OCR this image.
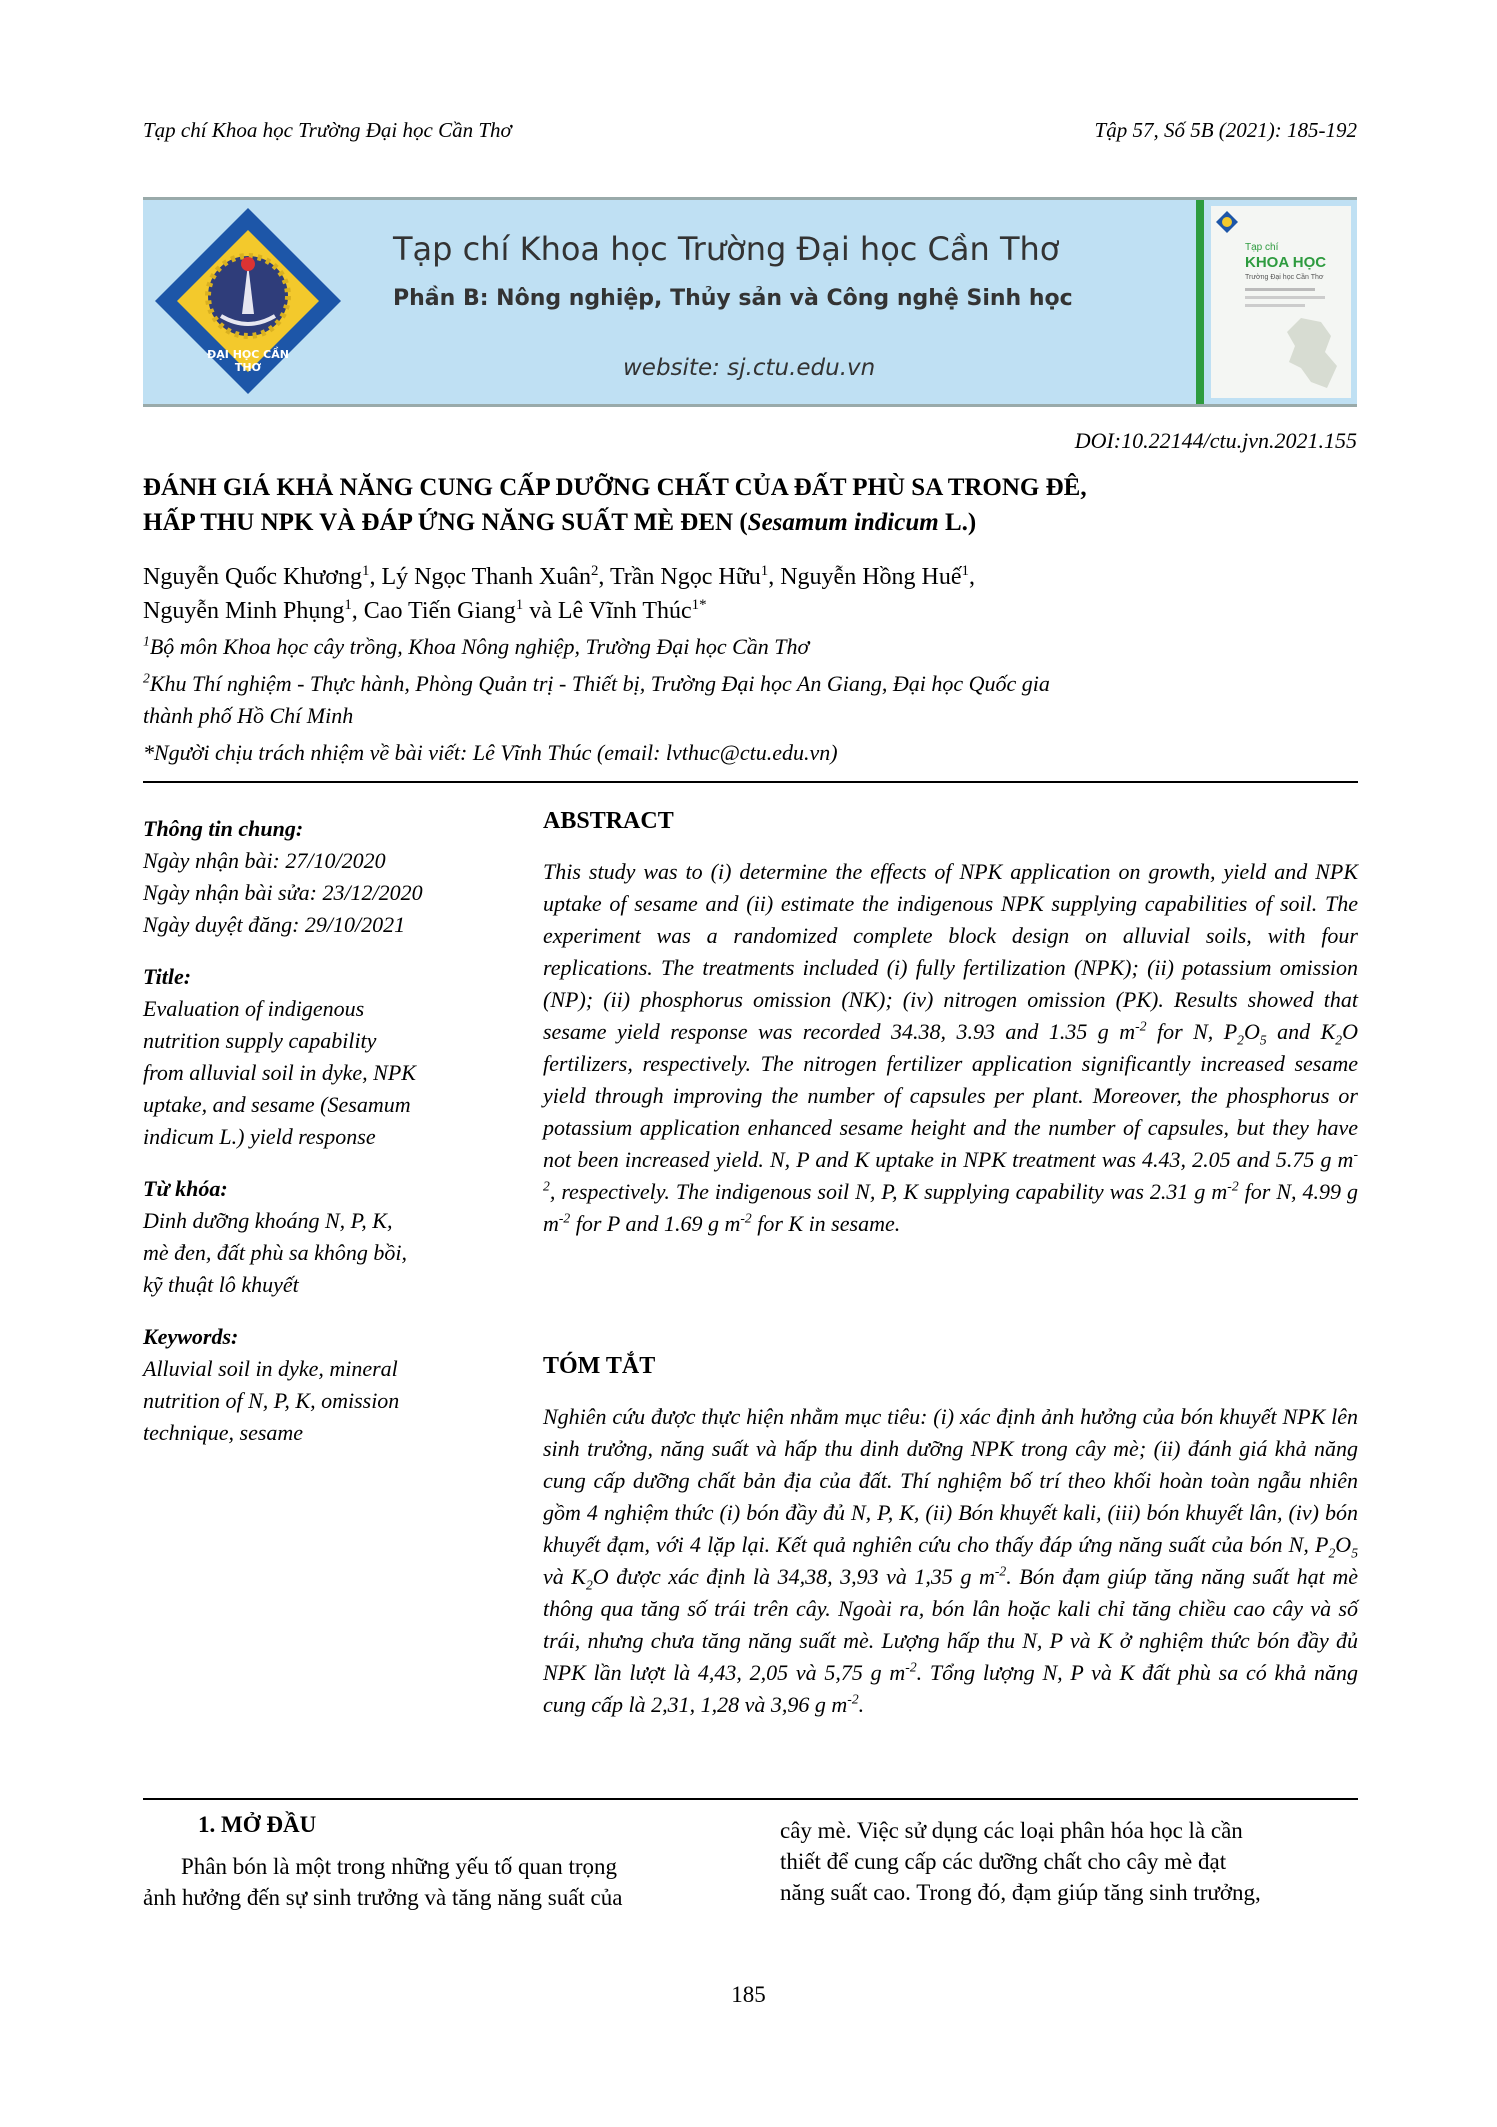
Tạp chí Khoa học Trường Đại học Cần Thơ	Tập 57, Số 5B (2021): 185-192
ĐẠI HỌC CẦN THƠ
Tạp chí Khoa học Trường Đại học Cần Thơ
Phần B: Nông nghiệp, Thủy sản và Công nghệ Sinh học
website: sj.ctu.edu.vn
Tạp chí
KHOA HỌC
Trường Đại học Cần Thơ
DOI:10.22144/ctu.jvn.2021.155
ĐÁNH GIÁ KHẢ NĂNG CUNG CẤP DƯỠNG CHẤT CỦA ĐẤT PHÙ SA TRONG ĐÊ,
HẤP THU NPK VÀ ĐÁP ỨNG NĂNG SUẤT MÈ ĐEN (Sesamum indicum L.)
Nguyễn Quốc Khương$^1$, Lý Ngọc Thanh Xuân$^2$, Trần Ngọc Hữu$^1$, Nguyễn Hồng Huế$^1$,
Nguyễn Minh Phụng$^1$, Cao Tiến Giang$^1$ và Lê Vĩnh Thúc$^{1*}$
$^1$Bộ môn Khoa học cây trồng, Khoa Nông nghiệp, Trường Đại học Cần Thơ
$^2$Khu Thí nghiệm - Thực hành, Phòng Quản trị - Thiết bị, Trường Đại học An Giang, Đại học Quốc gia
thành phố Hồ Chí Minh
*Người chịu trách nhiệm về bài viết: Lê Vĩnh Thúc (email: lvthuc@ctu.edu.vn)
Thông tin chung:

Ngày nhận bài: 27/10/2020

Ngày nhận bài sửa: 23/12/2020

Ngày duyệt đăng: 29/10/2021

Title:

Evaluation of indigenous

nutrition supply capability

from alluvial soil in dyke, NPK

uptake, and sesame (Sesamum

indicum L.) yield response

Từ khóa:

Dinh dưỡng khoáng N, P, K,

mè đen, đất phù sa không bồi,

kỹ thuật lô khuyết

Keywords:

Alluvial soil in dyke, mineral

nutrition of N, P, K, omission

technique, sesame

ABSTRACT
This study was to (i) determine the effects of NPK application on growth, yield and NPK uptake of sesame and (ii) estimate the indigenous NPK supplying capabilities of soil. The experiment was a randomized complete block design on alluvial soils, with four replications. The treatments included (i) fully fertilization (NPK); (ii) potassium omission (NP); (ii) phosphorus omission (NK); (iv) nitrogen omission (PK). Results showed that sesame yield response was recorded 34.38, 3.93 and 1.35 g $m^{-2}$ for N, $P_2O_5$ and $K_2O$ fertilizers, respectively. The nitrogen fertilizer application significantly increased sesame yield through improving the number of capsules per plant. Moreover, the phosphorus or potassium application enhanced sesame height and the number of capsules, but they have not been increased yield. N, P and K uptake in NPK treatment was 4.43, 2.05 and 5.75 g $m^{-2}$, respectively. The indigenous soil N, P, K supplying capability was 2.31 g $m^{-2}$ for N, 4.99 g $m^{-2}$ for P and 1.69 g $m^{-2}$ for K in sesame.
TÓM TẮT
Nghiên cứu được thực hiện nhằm mục tiêu: (i) xác định ảnh hưởng của bón khuyết NPK lên sinh trưởng, năng suất và hấp thu dinh dưỡng NPK trong cây mè; (ii) đánh giá khả năng cung cấp dưỡng chất bản địa của đất. Thí nghiệm bố trí theo khối hoàn toàn ngẫu nhiên gồm 4 nghiệm thức (i) bón đầy đủ N, P, K, (ii) Bón khuyết kali, (iii) bón khuyết lân, (iv) bón khuyết đạm, với 4 lặp lại. Kết quả nghiên cứu cho thấy đáp ứng năng suất của bón N, $P_2O_5$ và $K_2O$ được xác định là 34,38, 3,93 và 1,35 g $m^{-2}$. Bón đạm giúp tăng năng suất hạt mè thông qua tăng số trái trên cây. Ngoài ra, bón lân hoặc kali chỉ tăng chiều cao cây và số trái, nhưng chưa tăng năng suất mè. Lượng hấp thu N, P và K ở nghiệm thức bón đầy đủ NPK lần lượt là 4,43, 2,05 và 5,75 g $m^{-2}$. Tổng lượng N, P và K đất phù sa có khả năng cung cấp là 2,31, 1,28 và 3,96 g $m^{-2}$.
1. MỞ ĐẦU
Phân bón là một trong những yếu tố quan trọng
ảnh hưởng đến sự sinh trưởng và tăng năng suất của
cây mè. Việc sử dụng các loại phân hóa học là cần
thiết để cung cấp các dưỡng chất cho cây mè đạt
năng suất cao. Trong đó, đạm giúp tăng sinh trưởng,
185
